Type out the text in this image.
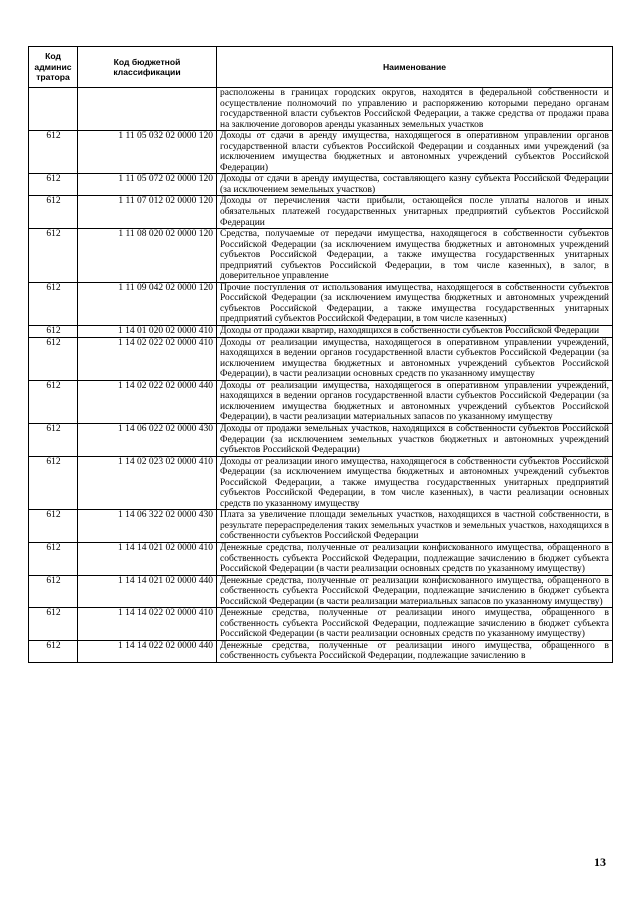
Код админис тратора	Код бюджетной классификации	Наименование
		расположены в границах городских округов, находятся в федеральной собственности и осуществление полномочий по управлению и распоряжению которыми передано органам государственной власти субъектов Российской Федерации, а также средства от продажи права на заключение договоров аренды указанных земельных участков
612	1 11 05 032 02 0000 120	Доходы от сдачи в аренду имущества, находящегося в оперативном управлении органов государственной власти субъектов Российской Федерации и созданных ими учреждений (за исключением имущества бюджетных и автономных учреждений субъектов Российской Федерации)
612	1 11 05 072 02 0000 120	Доходы от сдачи в аренду имущества, составляющего казну субъекта Российской Федерации (за исключением земельных участков)
612	1 11 07 012 02 0000 120	Доходы от перечисления части прибыли, остающейся после уплаты налогов и иных обязательных платежей государственных унитарных предприятий субъектов Российской Федерации
612	1 11 08 020 02 0000 120	Средства, получаемые от передачи имущества, находящегося в собственности субъектов Российской Федерации (за исключением имущества бюджетных и автономных учреждений субъектов Российской Федерации, а также имущества государственных унитарных предприятий субъектов Российской Федерации, в том числе казенных), в залог, в доверительное управление
612	1 11 09 042 02 0000 120	Прочие поступления от использования имущества, находящегося в собственности субъектов Российской Федерации (за исключением имущества бюджетных и автономных учреждений субъектов Российской Федерации, а также имущества государственных унитарных предприятий субъектов Российской Федерации, в том числе казенных)
612	1 14 01 020 02 0000 410	Доходы от продажи квартир, находящихся в собственности субъектов Российской Федерации
612	1 14 02 022 02 0000 410	Доходы от реализации имущества, находящегося в оперативном управлении учреждений, находящихся в ведении органов государственной власти субъектов Российской Федерации (за исключением имущества бюджетных и автономных учреждений субъектов Российской Федерации), в части реализации основных средств по указанному имуществу
612	1 14 02 022 02 0000 440	Доходы от реализации имущества, находящегося в оперативном управлении учреждений, находящихся в ведении органов государственной власти субъектов Российской Федерации (за исключением имущества бюджетных и автономных учреждений субъектов Российской Федерации), в части реализации материальных запасов по указанному имуществу
612	1 14 06 022 02 0000 430	Доходы от продажи земельных участков, находящихся в собственности субъектов Российской Федерации (за исключением земельных участков бюджетных и автономных учреждений субъектов Российской Федерации)
612	1 14 02 023 02 0000 410	Доходы от реализации иного имущества, находящегося в собственности субъектов Российской Федерации (за исключением имущества бюджетных и автономных учреждений субъектов Российской Федерации, а также имущества государственных унитарных предприятий субъектов Российской Федерации, в том числе казенных), в части реализации основных средств по указанному имуществу
612	1 14 06 322 02 0000 430	Плата за увеличение площади земельных участков, находящихся в частной собственности, в результате перераспределения таких земельных участков и земельных участков, находящихся в собственности субъектов Российской Федерации
612	1 14 14 021 02 0000 410	Денежные средства, полученные от реализации конфискованного имущества, обращенного в собственность субъекта Российской Федерации, подлежащие зачислению в бюджет субъекта Российской Федерации (в части реализации основных средств по указанному имуществу)
612	1 14 14 021 02 0000 440	Денежные средства, полученные от реализации конфискованного имущества, обращенного в собственность субъекта Российской Федерации, подлежащие зачислению в бюджет субъекта Российской Федерации (в части реализации материальных запасов по указанному имуществу)
612	1 14 14 022 02 0000 410	Денежные средства, полученные от реализации иного имущества, обращенного в собственность субъекта Российской Федерации, подлежащие зачислению в бюджет субъекта Российской Федерации (в части реализации основных средств по указанному имуществу)
612	1 14 14 022 02 0000 440	Денежные средства, полученные от реализации иного имущества, обращенного в собственность субъекта Российской Федерации, подлежащие зачислению в
13
